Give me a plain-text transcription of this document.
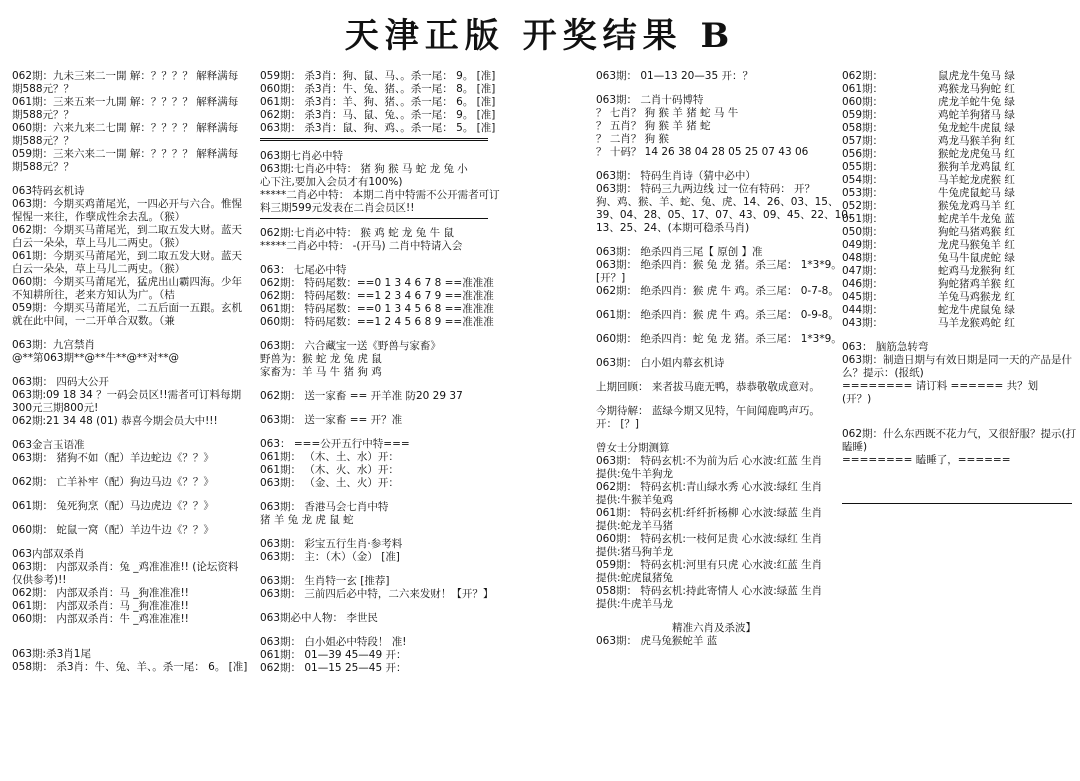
天津正版 开奖结果 B
062期：九未三来二一開 解：？？？？ 解释满每
期588元？？
061期：三来五来一九開 解：？？？？ 解释满每
期588元？？
060期：六来九来二七開 解：？？？？ 解释满每
期588元？？
059期：三来六来二一開 解：？？？？ 解释满每
期588元？？
063特码玄机诗
063期：今期买鸡莆尾光，一四必开与六合。惟惺
惺惺一来往，作孽成性余去乱。（猴）
062期：今期买马莆尾光，到二取五发大财。蓝天
白云一朵朵，草上马儿二两史。（猴）
061期：今期买马莆尾光，到二取五发大财。蓝天
白云一朵朵，草上马儿二两史。（猴）
060期：今期买马莆尾光，猛虎出山霸四海。少年
不知耕所往，老来方知认为广。（桔
059期：今期买马莆尾光，二五后面一五跟。玄机
就在此中间，一二开单合双数。（兼
063期：九宫禁肖
@**第063期**@**牛**@**对**@
063期： 四码大公开
063期:09 18 34 ？一码会员区!!需者可订料每期
300元三期800元!
062期:21 34 48 (01) 恭喜今期会员大中!!!
063金言玉语准
063期： 猪狗不如（配）羊边蛇边《？？》
062期： 亡羊补牢（配）狗边马边《？？》
061期： 兔死狗烹（配）马边虎边《？？》
060期： 蛇鼠一窝（配）羊边牛边《？？》
063内部双杀肖
063期： 内部双杀肖：兔 _鸡准准准!! (论坛资料
仅供参考)!!
062期： 内部双杀肖：马 _狗准准准!!
061期： 内部双杀肖：马 _狗准准准!!
060期： 内部双杀肖：牛 _鸡准准准!!
063期:杀3肖1尾
058期： 杀3肖：牛、兔、羊、。杀一尾： 6。 [准]
059期： 杀3肖：狗、鼠、马、。杀一尾： 9。 [准]
060期： 杀3肖：牛、兔、猪、。杀一尾： 8。 [准]
061期： 杀3肖：羊、狗、猪、。杀一尾： 6。 [准]
062期： 杀3肖：马、鼠、兔、。杀一尾： 9。 [准]
063期： 杀3肖：鼠、狗、鸡、。杀一尾： 5。 [准]
063期七肖必中特
063期:七肖必中特： 猪 狗 猴 马 蛇 龙 兔 小
心下注,要加入会员才有100%)
*****二肖必中特： 本期二肖中特需不公开需者可订
料三期599元发表在二肖会员区!!
062期:七肖必中特： 猴 鸡 蛇 龙 兔 牛 鼠
*****二肖必中特： -(开马) 二肖中特请入会
063： 七尾必中特
062期： 特码尾数：==0 1 3 4 6 7 8 ==准准准
062期： 特码尾数：==1 2 3 4 6 7 9 ==准准准
061期： 特码尾数：==0 1 3 4 5 6 8 ==准准准
060期： 特码尾数：==1 2 4 5 6 8 9 ==准准准
063期： 六合藏宝一送《野兽与家畜》
野兽为：猴 蛇 龙 兔 虎 鼠
家畜为：羊 马 牛 猪 狗 鸡
062期： 送一家畜 == 开羊准 防20 29 37
063期： 送一家畜 == 开？准
063： ===公开五行中特===
061期： （木、土、水）开：
061期： （木、火、水）开：
063期： （金、土、火）开：
063期： 香港马会七肖中特
猪 羊 兔 龙 虎 鼠 蛇
063期： 彩宝五行生肖·参考料
063期： 主：（木）（金） [准]
063期： 生肖特一玄 [推荐]
063期： 三前四后必中特，二六来发财！【开？】
063期必中人物： 李世民
063期： 白小姐必中特段！ 准!
061期： 01—39 45—49 开：
062期： 01—15 25—45 开：
063期： 01—13 20—35 开：？
063期： 二肖十码博特
？ 七肖？ 狗 猴 羊 猪 蛇 马 牛
？ 五肖？ 狗 猴 羊 猪 蛇
？ 二肖？ 狗 猴
？ 十码？ 14 26 38 04 28 05 25 07 43 06
063期： 特码生肖诗（猜中必中）
063期： 特码三九两边线 过一位有特码： 开？
狗、鸡、猴、羊、蛇、兔、虎、14、26、03、15、
39、04、28、05、17、07、43、09、45、22、10、
13、25、24、(本期可稳杀马肖)
063期： 绝杀四肖三尾【 原创 】准
063期： 绝杀四肖：猴 兔 龙 猪。杀三尾： 1*3*9。
[开？]
062期： 绝杀四肖：猴 虎 牛 鸡。杀三尾： 0-7-8。
061期： 绝杀四肖：猴 虎 牛 鸡。杀三尾： 0-9-8。
060期： 绝杀四肖：蛇 兔 龙 猪。杀三尾： 1*3*9。
063期： 白小姐内幕玄机诗
上期回顾： 来者拔马鹿无鸭，恭恭敬敬成意对。
今期待解： 蓝绿今期又见特，午间闻鹿鸣声巧。
开： [？]
曾女士分期测算
063期： 特码玄机:不为前为后 心水波:红蓝 生肖
提供:兔牛羊狗龙
062期： 特码玄机:青山绿水秀 心水波:绿红 生肖
提供:牛猴羊兔鸡
061期： 特码玄机:纤纤折杨柳 心水波:绿蓝 生肖
提供:蛇龙羊马猪
060期： 特码玄机:一枝何足贵 心水波:绿红 生肖
提供:猪马狗羊龙
059期： 特码玄机:河里有只虎 心水波:红蓝 生肖
提供:蛇虎鼠猪兔
058期： 特码玄机:持此寄情人 心水波:绿蓝 生肖
提供:牛虎羊马龙
精准六肖及杀波】
063期： 虎马兔猴蛇羊 蓝
062期：	鼠虎龙牛兔马 绿
061期：	鸡猴龙马狗蛇 红
060期：	虎龙羊蛇牛兔 绿
059期：	鸡蛇羊狗猪马 绿
058期：	兔龙蛇牛虎鼠 绿
057期：	鸡龙马猴羊狗 红
056期：	猴蛇龙虎兔马 红
055期：	猴狗羊龙鸡鼠 红
054期：	马羊蛇龙虎猴 红
053期：	牛兔虎鼠蛇马 绿
052期：	猴兔龙鸡马羊 红
051期：	蛇虎羊牛龙兔 蓝
050期：	狗蛇马猪鸡猴 红
049期：	龙虎马猴兔羊 红
048期：	兔马牛鼠虎蛇 绿
047期：	蛇鸡马龙猴狗 红
046期：	狗蛇猪鸡羊猴 红
045期：	羊兔马鸡猴龙 红
044期：	蛇龙牛虎鼠兔 绿
043期：	马羊龙猴鸡蛇 红
063： 脑筋急转弯
063期：制造日期与有效日期是同一天的产品是什
么？提示：(报纸)
======== 请订料 ====== 共？划
(开？)
062期：什么东西既不花力气，又很舒服？提示(打
瞌睡)
======== 瞌睡了，======
